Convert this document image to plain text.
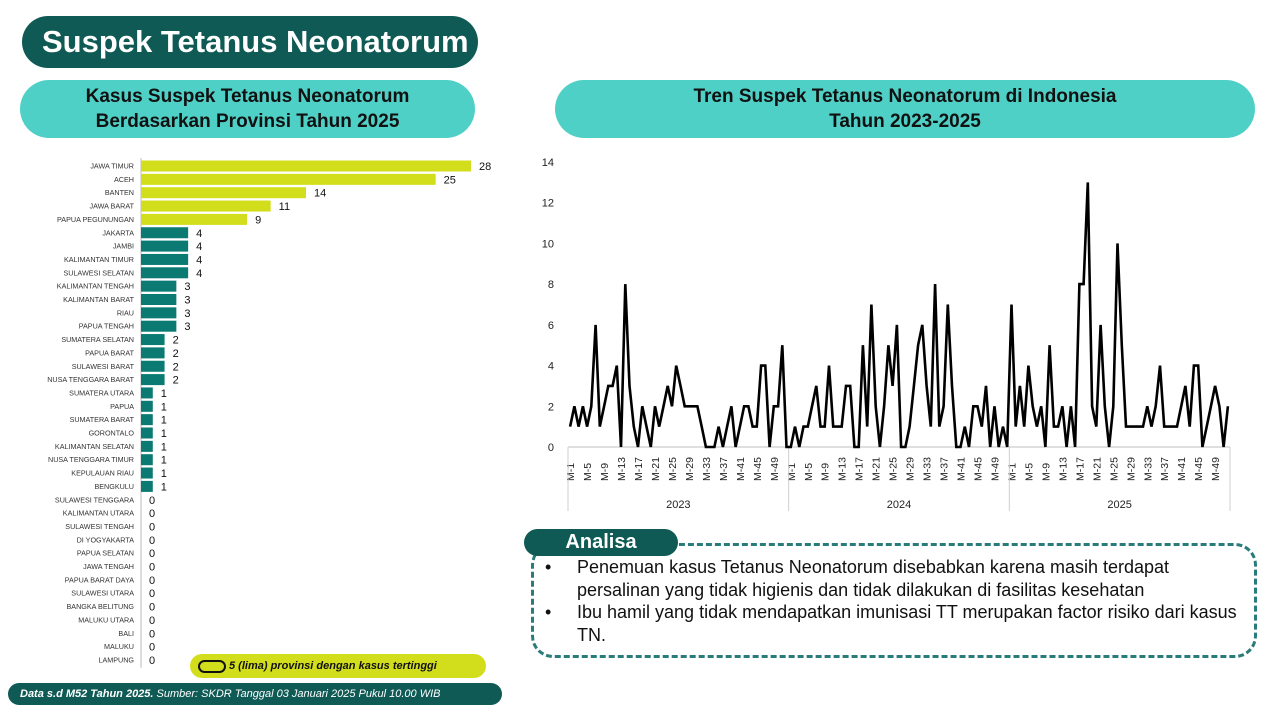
Suspek Tetanus Neonatorum
Kasus Suspek Tetanus Neonatorum
Berdasarkan Provinsi Tahun 2025
Tren Suspek Tetanus Neonatorum di Indonesia
Tahun 2023-2025
JAWA TIMUR	28
ACEH	25
BANTEN	14
JAWA BARAT	11
PAPUA PEGUNUNGAN	9
JAKARTA	4
JAMBI	4
KALIMANTAN TIMUR	4
SULAWESI SELATAN	4
KALIMANTAN TENGAH	3
KALIMANTAN BARAT	3
RIAU	3
PAPUA TENGAH	3
SUMATERA SELATAN	2
PAPUA BARAT	2
SULAWESI BARAT	2
NUSA TENGGARA BARAT	2
SUMATERA UTARA 1
PAPUA 1
SUMATERA BARAT 1
GORONTALO 1
KALIMANTAN SELATAN 1
NUSA TENGGARA TIMUR 1
KEPULAUAN RIAU 1
BENGKULU 1
SULAWESI TENGGARA 0
KALIMANTAN UTARA 0
SULAWESI TENGAH 0
DI YOGYAKARTA 0
PAPUA SELATAN 0
JAWA TENGAH 0
PAPUA BARAT DAYA 0
SULAWESI UTARA 0
BANGKA BELITUNG 0
MALUKU UTARA 0
BALI 0
MALUKU 0
LAMPUNG 0
0
2
4
6
8
10
12
14
M-1 M-5 M-9 M-13 M-17 M-21 M-25 M-29 M-33 M-37 M-41 M-45 M-49
2023
M-1 M-5 M-9 M-13 M-17 M-21 M-25 M-29 M-33 M-37 M-41 M-45 M-49
2024
M-1 M-5 M-9 M-13 M-17 M-21 M-25 M-29 M-33 M-37 M-41 M-45 M-49
2025
5 (lima) provinsi dengan kasus tertinggi
Data s.d M52 Tahun 2025. Sumber: SKDR Tanggal 03 Januari 2025 Pukul 10.00 WIB
Analisa
• Penemuan kasus Tetanus Neonatorum disebabkan karena masih terdapat persalinan yang tidak higienis dan tidak dilakukan di fasilitas kesehatan
• Ibu hamil yang tidak mendapatkan imunisasi TT merupakan factor risiko dari kasus TN.
